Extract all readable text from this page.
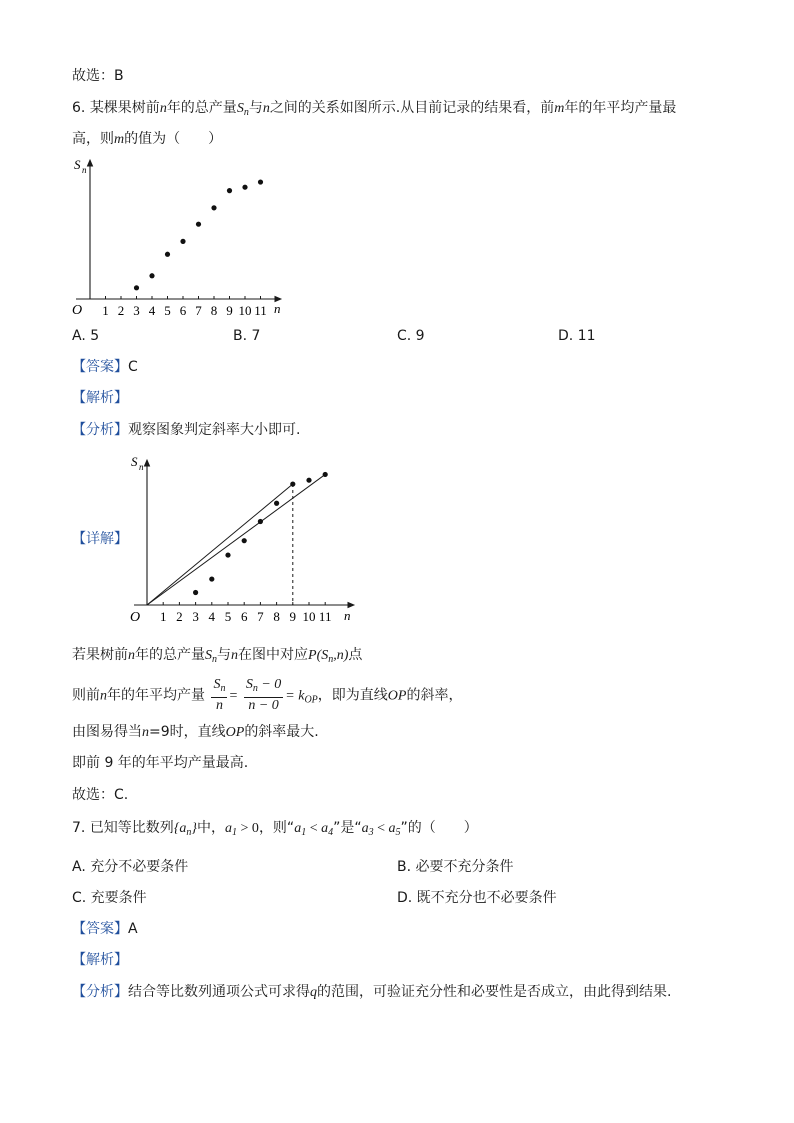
故选：B
6. 某棵果树前n年的总产量$S_n$与n之间的关系如图所示.从目前记录的结果看，前m年的年平均产量最
高，则m的值为（　　）
S n
n
O 1 2 3 4 5 6 7 8 9 10 11
A. 5	B. 7	C. 9	D. 11
【答案】C
【解析】
【分析】观察图象判定斜率大小即可.
【详解】
S n
n
O 1 2 3 4 5 6 7 8 9 10 11
若果树前n年的总产量$S_n$与n在图中对应$P(S_n,n)$点
则前n年的年平均产量 $\frac{S_n}{n} = \frac{S_n - 0}{n - 0} = k_{OP}$，即为直线OP的斜率，
由图易得当n=9时，直线OP的斜率最大.
即前 9 年的年平均产量最高.
故选：C.
7. 已知等比数列$\{a_n\}$中，$a_1 > 0$，则“$a_1 < a_4$”是“$a_3 < a_5$”的（　　）
A. 充分不必要条件	B. 必要不充分条件
C. 充要条件	D. 既不充分也不必要条件
【答案】A
【解析】
【分析】结合等比数列通项公式可求得q的范围，可验证充分性和必要性是否成立，由此得到结果.
